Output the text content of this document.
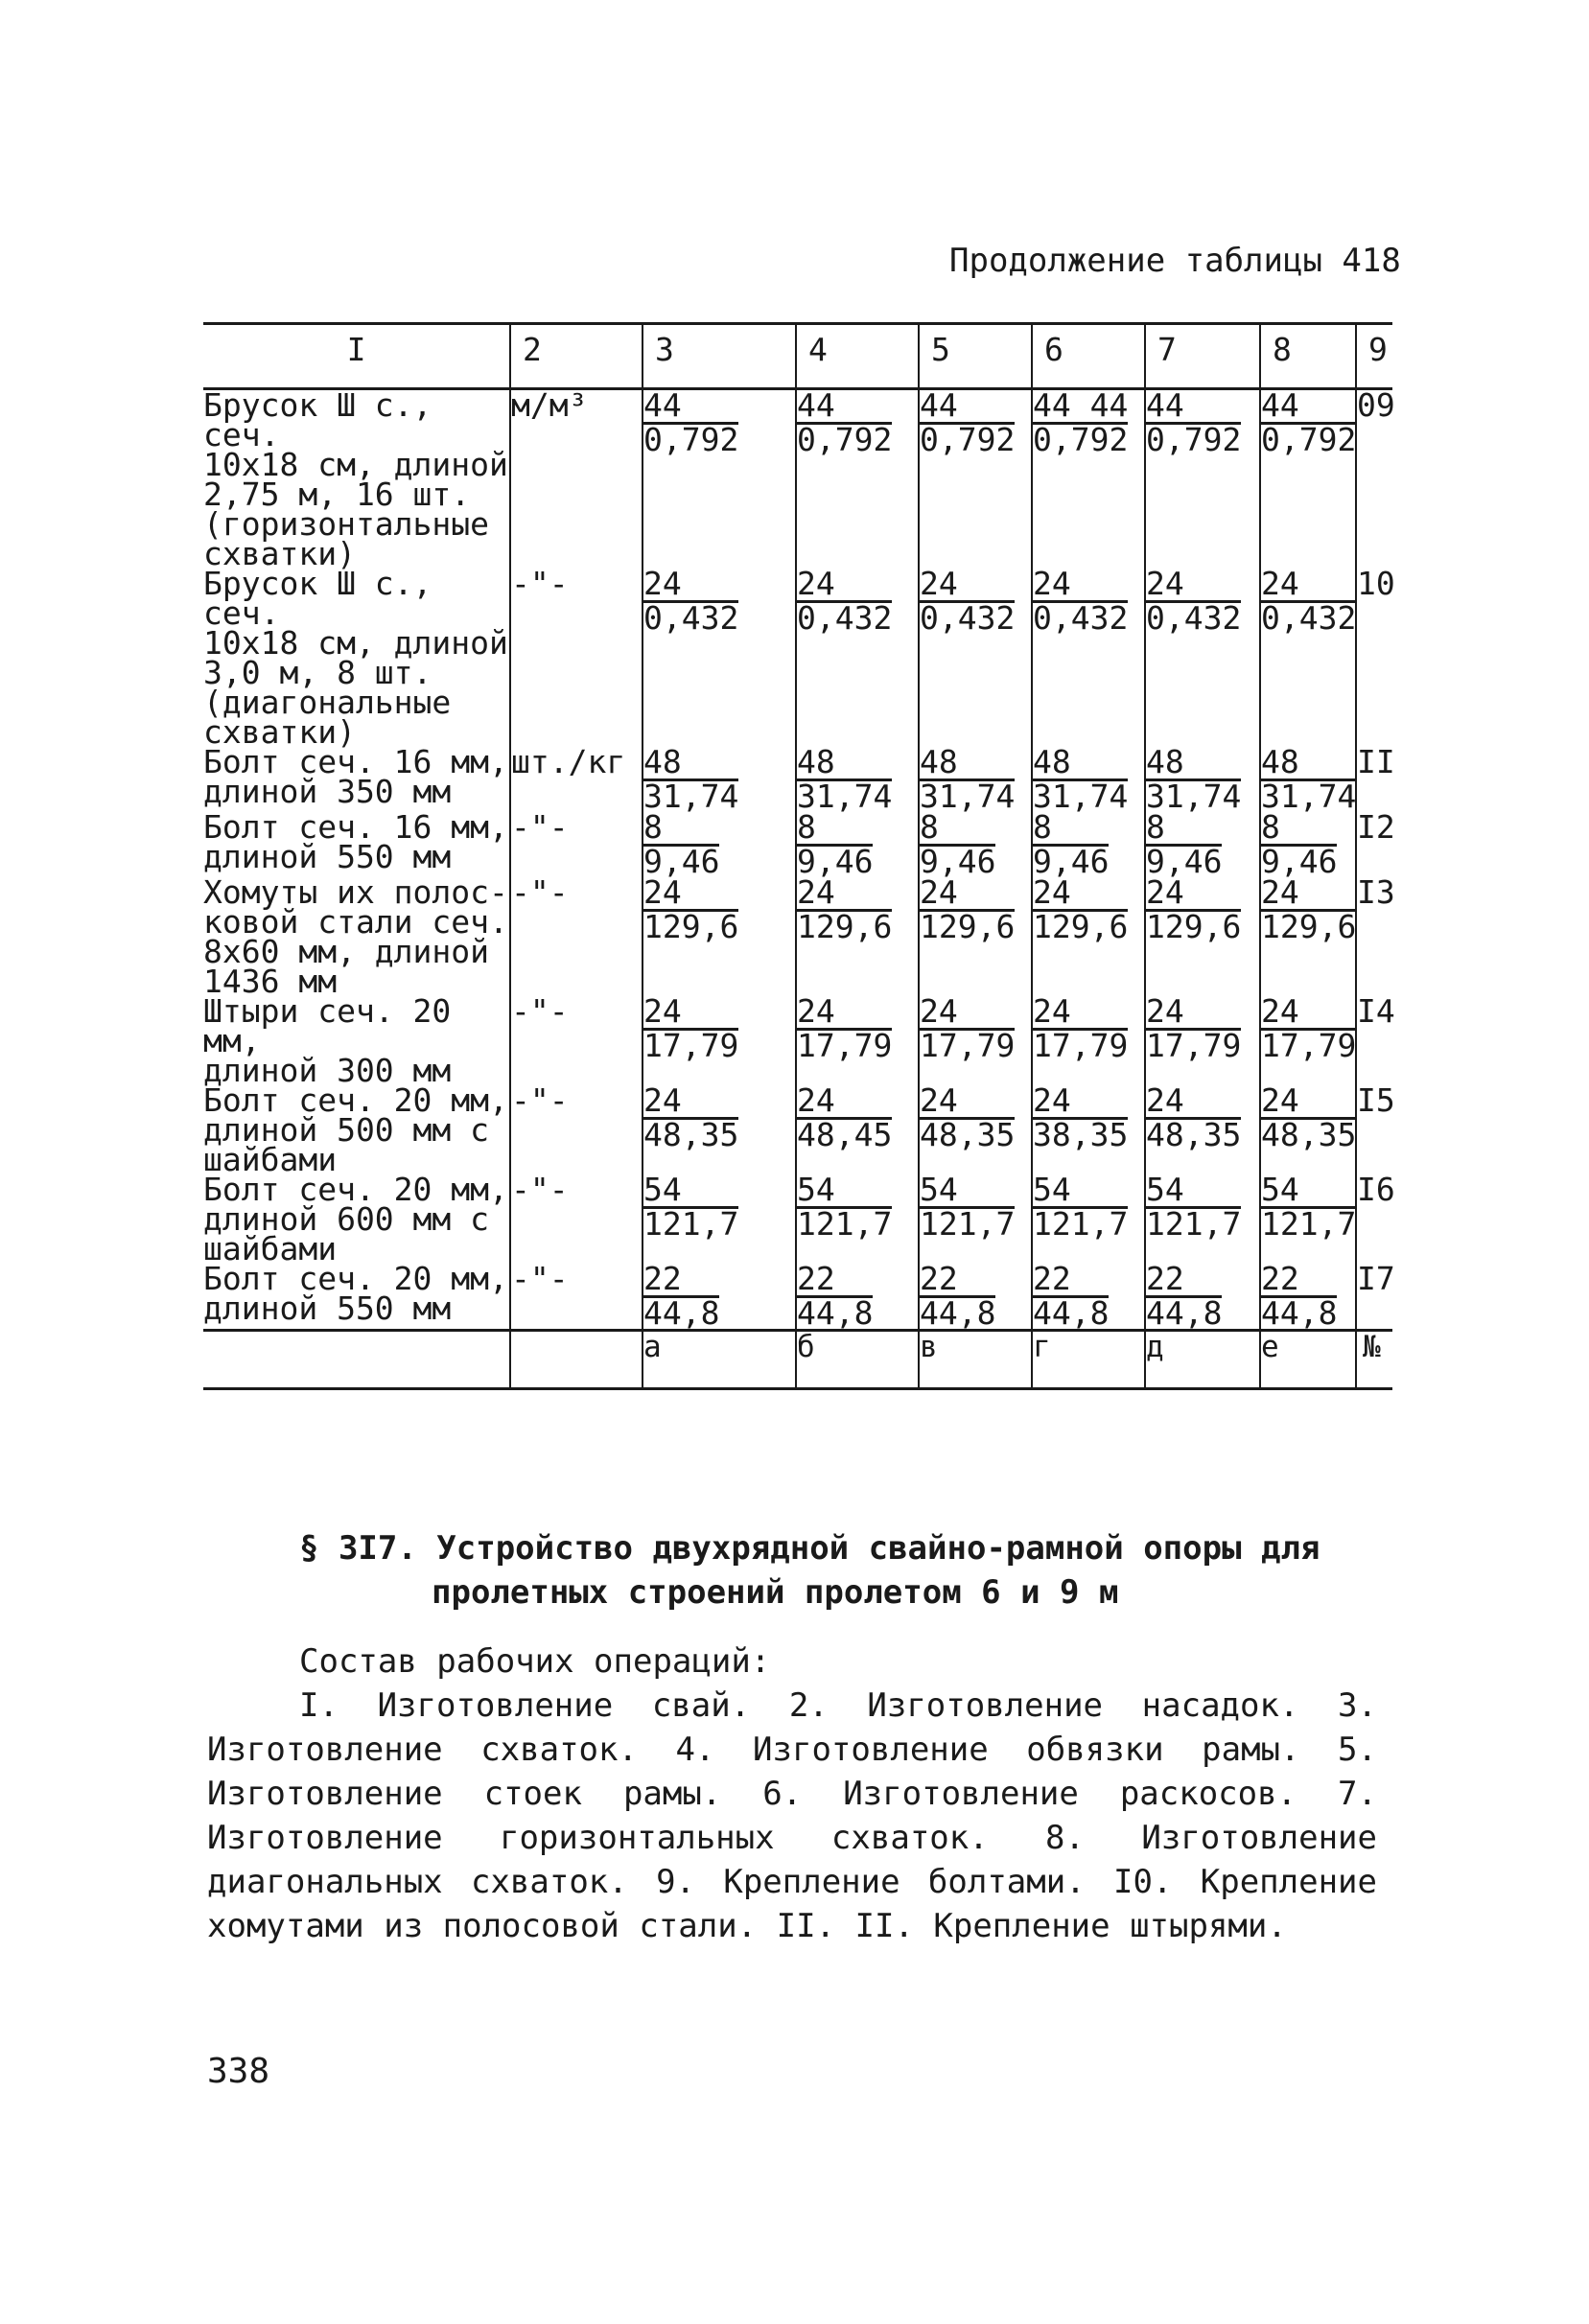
Продолжение таблицы 418
I	2	3	4	5	6	7	8	9
Брусок Ш с., сеч.
10х18 см, длиной
2,75 м, 16 шт.
(горизонтальные
схватки)	м/м³	$\frac{44}{0,792}$	$\frac{44}{0,792}$	$\frac{44}{0,792}$	$\frac{44 44}{0,792}$	$\frac{44}{0,792}$	$\frac{44}{0,792}$	09
Брусок Ш с., сеч.
10х18 см, длиной
3,0 м, 8 шт.
(диагональные
схватки)	-"-	$\frac{24}{0,432}$	$\frac{24}{0,432}$	$\frac{24}{0,432}$	$\frac{24}{0,432}$	$\frac{24}{0,432}$	$\frac{24}{0,432}$	10
Болт сеч. 16 мм,
длиной 350 мм	шт./кг	$\frac{48}{31,74}$	$\frac{48}{31,74}$	$\frac{48}{31,74}$	$\frac{48}{31,74}$	$\frac{48}{31,74}$	$\frac{48}{31,74}$	II
Болт сеч. 16 мм,
длиной 550 мм	-"-	$\frac{8}{9,46}$	$\frac{8}{9,46}$	$\frac{8}{9,46}$	$\frac{8}{9,46}$	$\frac{8}{9,46}$	$\frac{8}{9,46}$	I2
Хомуты их полос-
ковой стали сеч.
8х60 мм, длиной
1436 мм	-"-	$\frac{24}{129,6}$	$\frac{24}{129,6}$	$\frac{24}{129,6}$	$\frac{24}{129,6}$	$\frac{24}{129,6}$	$\frac{24}{129,6}$	I3
Штыри сеч. 20 мм,
длиной 300 мм	-"-	$\frac{24}{17,79}$	$\frac{24}{17,79}$	$\frac{24}{17,79}$	$\frac{24}{17,79}$	$\frac{24}{17,79}$	$\frac{24}{17,79}$	I4
Болт сеч. 20 мм,
длиной 500 мм с
шайбами	-"-	$\frac{24}{48,35}$	$\frac{24}{48,45}$	$\frac{24}{48,35}$	$\frac{24}{38,35}$	$\frac{24}{48,35}$	$\frac{24}{48,35}$	I5
Болт сеч. 20 мм,
длиной 600 мм с
шайбами	-"-	$\frac{54}{121,7}$	$\frac{54}{121,7}$	$\frac{54}{121,7}$	$\frac{54}{121,7}$	$\frac{54}{121,7}$	$\frac{54}{121,7}$	I6
Болт сеч. 20 мм,
длиной 550 мм	-"-	$\frac{22}{44,8}$	$\frac{22}{44,8}$	$\frac{22}{44,8}$	$\frac{22}{44,8}$	$\frac{22}{44,8}$	$\frac{22}{44,8}$	I7
		а	б	в	г	д	е	№
§ 3I7. Устройство двухрядной свайно-рамной опоры для
пролетных строений пролетом 6 и 9 м
Состав рабочих операций:
I. Изготовление свай. 2. Изготовление насадок. 3. Изготовление схваток. 4. Изготовление обвязки рамы. 5. Изготовление стоек рамы. 6. Изготовление раскосов. 7. Изготовление горизонтальных схваток. 8. Изготовление диагональных схваток. 9. Крепление болтами. I0. Крепление хомутами из полосовой стали. II. II. Крепление штырями.
338
